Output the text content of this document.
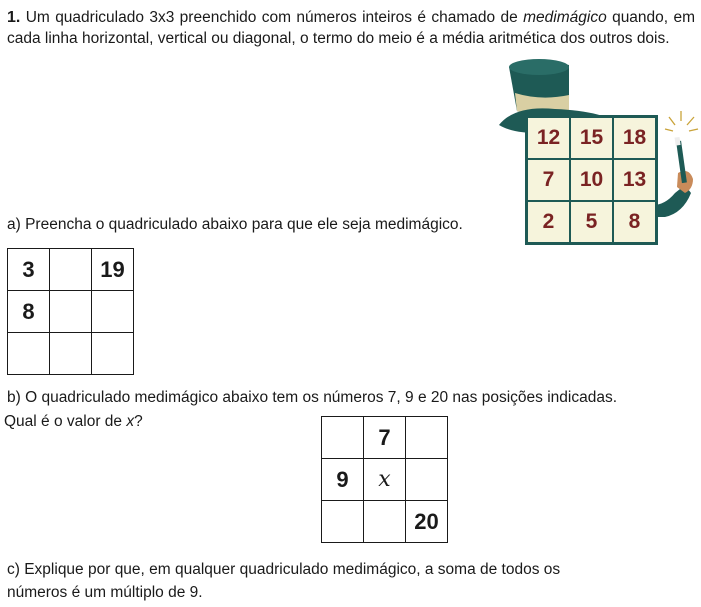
1. Um quadriculado 3x3 preenchido com números inteiros é chamado de medimágico quando, em cada linha horizontal, vertical ou diagonal, o termo do meio é a média aritmética dos outros dois.
12	15	18
7	10	13
2	5	8
a) Preencha o quadriculado abaixo para que ele seja medimágico.
3		19
8		

b) O quadriculado medimágico abaixo tem os números 7, 9 e 20 nas posições indicadas.
Qual é o valor de x?
	7	
9	x	
		20
c) Explique por que, em qualquer quadriculado medimágico, a soma de todos os
números é um múltiplo de 9.
